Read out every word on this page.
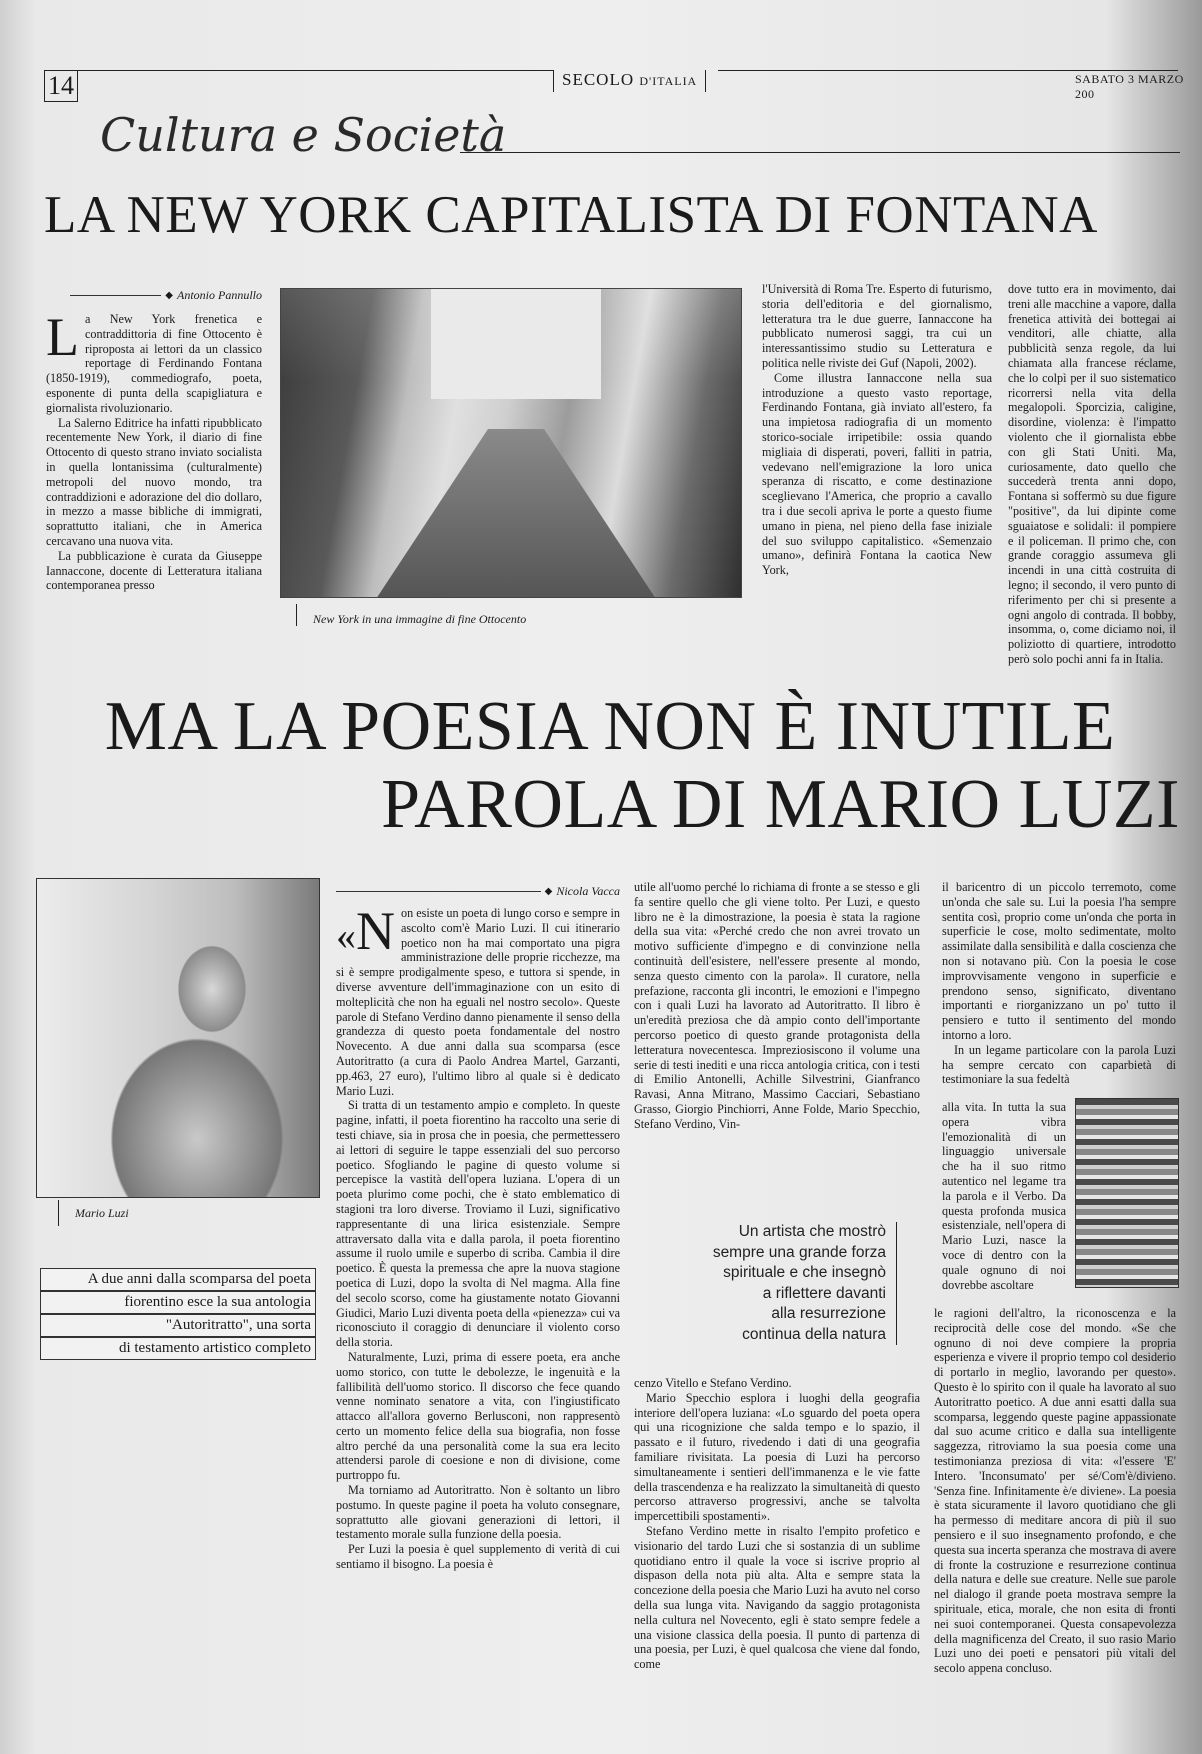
14	SECOLO D'ITALIA	SABATO 3 MARZO 200
Cultura e Società
LA NEW YORK CAPITALISTA DI FONTANA
◆ Antonio Pannullo

La New York frenetica e contraddittoria di fine Ottocento è riproposta ai lettori da un classico reportage di Ferdinando Fontana (1850-1919), commediografo, poeta, esponente di punta della scapigliatura e giornalista rivoluzionario.

La Salerno Editrice ha infatti ripubblicato recentemente New York, il diario di fine Ottocento di questo strano inviato socialista in quella lontanissima (culturalmente) metropoli del nuovo mondo, tra contraddizioni e adorazione del dio dollaro, in mezzo a masse bibliche di immigrati, soprattutto italiani, che in America cercavano una nuova vita.

La pubblicazione è curata da Giuseppe Iannaccone, docente di Letteratura italiana contemporanea presso

New York in una immagine di fine Ottocento

l'Università di Roma Tre. Esperto di futurismo, storia dell'editoria e del giornalismo, letteratura tra le due guerre, Iannaccone ha pubblicato numerosi saggi, tra cui un interessantissimo studio su Letteratura e politica nelle riviste dei Guf (Napoli, 2002).

Come illustra Iannaccone nella sua introduzione a questo vasto reportage, Ferdinando Fontana, già inviato all'estero, fa una impietosa radiografia di un momento storico-sociale irripetibile: ossia quando migliaia di disperati, poveri, falliti in patria, vedevano nell'emigrazione la loro unica speranza di riscatto, e come destinazione sceglievano l'America, che proprio a cavallo tra i due secoli apriva le porte a questo fiume umano in piena, nel pieno della fase iniziale del suo sviluppo capitalistico. «Semenzaio umano», definirà Fontana la caotica New York,

dove tutto era in movimento, dai treni alle macchine a vapore, dalla frenetica attività dei bottegai ai venditori, alle chiatte, alla pubblicità senza regole, da lui chiamata alla francese réclame, che lo colpì per il suo sistematico ricorrersi nella vita della megalopoli. Sporcizia, caligine, disordine, violenza: è l'impatto violento che il giornalista ebbe con gli Stati Uniti. Ma, curiosamente, dato quello che succederà trenta anni dopo, Fontana si soffermò su due figure "positive", da lui dipinte come sguaiatose e solidali: il pompiere e il policeman. Il primo che, con grande coraggio assumeva gli incendi in una città costruita di legno; il secondo, il vero punto di riferimento per chi si presente a ogni angolo di contrada. Il bobby, insomma, o, come diciamo noi, il poliziotto di quartiere, introdotto però solo pochi anni fa in Italia.

MA LA POESIA NON È INUTILE
PAROLA DI MARIO LUZI
Mario Luzi
A due anni dalla scomparsa del poeta
fiorentino esce la sua antologia
"Autoritratto", una sorta
di testamento artistico completo
◆ Nicola Vacca

«N on esiste un poeta di lungo corso e sempre in ascolto com'è Mario Luzi. Il cui itinerario poetico non ha mai comportato una pigra amministrazione delle proprie ricchezze, ma si è sempre prodigalmente speso, e tuttora si spende, in diverse avventure dell'immaginazione con un esito di molteplicità che non ha eguali nel nostro secolo». Queste parole di Stefano Verdino danno pienamente il senso della grandezza di questo poeta fondamentale del nostro Novecento. A due anni dalla sua scomparsa (esce Autoritratto (a cura di Paolo Andrea Martel, Garzanti, pp.463, 27 euro), l'ultimo libro al quale si è dedicato Mario Luzi.

Si tratta di un testamento ampio e completo. In queste pagine, infatti, il poeta fiorentino ha raccolto una serie di testi chiave, sia in prosa che in poesia, che permettessero ai lettori di seguire le tappe essenziali del suo percorso poetico. Sfogliando le pagine di questo volume si percepisce la vastità dell'opera luziana. L'opera di un poeta plurimo come pochi, che è stato emblematico di stagioni tra loro diverse. Troviamo il Luzi, significativo rappresentante di una lirica esistenziale. Sempre attraversato dalla vita e dalla parola, il poeta fiorentino assume il ruolo umile e superbo di scriba. Cambia il dire poetico. È questa la premessa che apre la nuova stagione poetica di Luzi, dopo la svolta di Nel magma. Alla fine del secolo scorso, come ha giustamente notato Giovanni Giudici, Mario Luzi diventa poeta della «pienezza» cui va riconosciuto il coraggio di denunciare il violento corso della storia.

Naturalmente, Luzi, prima di essere poeta, era anche uomo storico, con tutte le debolezze, le ingenuità e la fallibilità dell'uomo storico. Il discorso che fece quando venne nominato senatore a vita, con l'ingiustificato attacco all'allora governo Berlusconi, non rappresentò certo un momento felice della sua biografia, non fosse altro perché da una personalità come la sua era lecito attendersi parole di coesione e non di divisione, come purtroppo fu.

Ma torniamo ad Autoritratto. Non è soltanto un libro postumo. In queste pagine il poeta ha voluto consegnare, soprattutto alle giovani generazioni di lettori, il testamento morale sulla funzione della poesia.

Per Luzi la poesia è quel supplemento di verità di cui sentiamo il bisogno. La poesia è

utile all'uomo perché lo richiama di fronte a se stesso e gli fa sentire quello che gli viene tolto. Per Luzi, e questo libro ne è la dimostrazione, la poesia è stata la ragione della sua vita: «Perché credo che non avrei trovato un motivo sufficiente d'impegno e di convinzione nella continuità dell'esistere, nell'essere presente al mondo, senza questo cimento con la parola». Il curatore, nella prefazione, racconta gli incontri, le emozioni e l'impegno con i quali Luzi ha lavorato ad Autoritratto. Il libro è un'eredità preziosa che dà ampio conto dell'importante percorso poetico di questo grande protagonista della letteratura novecentesca. Impreziosiscono il volume una serie di testi inediti e una ricca antologia critica, con i testi di Emilio Antonelli, Achille Silvestrini, Gianfranco Ravasi, Anna Mitrano, Massimo Cacciari, Sebastiano Grasso, Giorgio Pinchiorri, Anne Folde, Mario Specchio, Stefano Verdino, Vin-

Un artista che mostrò
sempre una grande forza
spirituale e che insegnò
a riflettere davanti
alla resurrezione
continua della natura

cenzo Vitello e Stefano Verdino.

Mario Specchio esplora i luoghi della geografia interiore dell'opera luziana: «Lo sguardo del poeta opera qui una ricognizione che salda tempo e lo spazio, il passato e il futuro, rivedendo i dati di una geografia familiare rivisitata. La poesia di Luzi ha percorso simultaneamente i sentieri dell'immanenza e le vie fatte della trascendenza e ha realizzato la simultaneità di questo percorso attraverso progressivi, anche se talvolta impercettibili spostamenti».

Stefano Verdino mette in risalto l'empito profetico e visionario del tardo Luzi che si sostanzia di un sublime quotidiano entro il quale la voce si iscrive proprio al dispason della nota più alta. Alta e sempre stata la concezione della poesia che Mario Luzi ha avuto nel corso della sua lunga vita. Navigando da saggio protagonista nella cultura nel Novecento, egli è stato sempre fedele a una visione classica della poesia. Il punto di partenza di una poesia, per Luzi, è quel qualcosa che viene dal fondo, come

il baricentro di un piccolo terremoto, come un'onda che sale su. Lui la poesia l'ha sempre sentita così, proprio come un'onda che porta in superficie le cose, molto sedimentate, molto assimilate dalla sensibilità e dalla coscienza che non si notavano più. Con la poesia le cose improvvisamente vengono in superficie e prendono senso, significato, diventano importanti e riorganizzano un po' tutto il pensiero e tutto il sentimento del mondo intorno a loro.

In un legame particolare con la parola Luzi ha sempre cercato con caparbietà di testimoniare la sua fedeltà

alla vita. In tutta la sua opera vibra l'emozionalità di un linguaggio universale che ha il suo ritmo autentico nel legame tra la parola e il Verbo. Da questa profonda musica esistenziale, nell'opera di Mario Luzi, nasce la voce di dentro con la quale ognuno di noi dovrebbe ascoltare

le ragioni dell'altro, la riconoscenza e la reciprocità delle cose del mondo. «Se che ognuno di noi deve compiere la propria esperienza e vivere il proprio tempo col desiderio di portarlo in meglio, lavorando per questo». Questo è lo spirito con il quale ha lavorato al suo Autoritratto poetico. A due anni esatti dalla sua scomparsa, leggendo queste pagine appassionate dal suo acume critico e dalla sua intelligente saggezza, ritroviamo la sua poesia come una testimonianza preziosa di vita: «l'essere 'E' Intero. 'Inconsumato' per sé/Com'è/divieno. 'Senza fine. Infinitamente è/e diviene». La poesia è stata sicuramente il lavoro quotidiano che gli ha permesso di meditare ancora di più il suo pensiero e il suo insegnamento profondo, e che questa sua incerta speranza che mostrava di avere di fronte la costruzione e resurrezione continua della natura e delle sue creature. Nelle sue parole nel dialogo il grande poeta mostrava sempre la spirituale, etica, morale, che non esita di fronti nei suoi contemporanei. Questa consapevolezza della magnificenza del Creato, il suo rasio Mario Luzi uno dei poeti e pensatori più vitali del secolo appena concluso.
